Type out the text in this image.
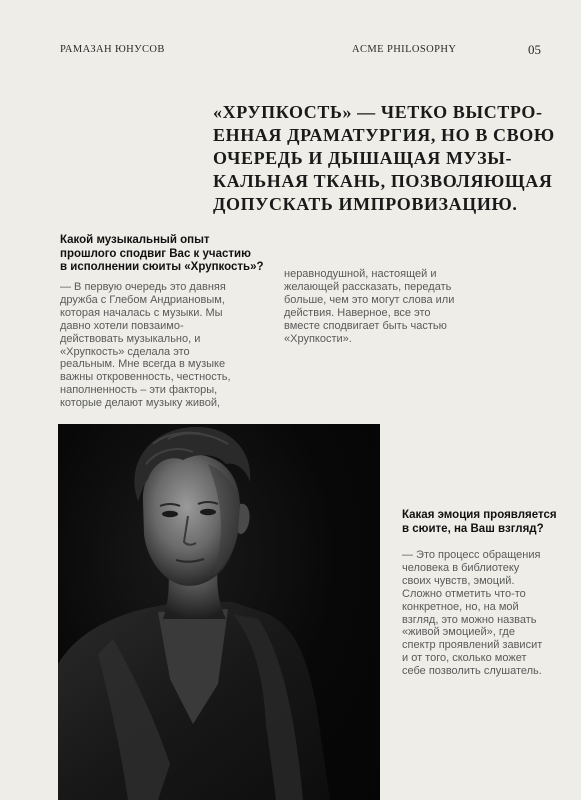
РАМАЗАН ЮНУСОВ	ACME PHILOSOPHY	05
«ХРУПКОСТЬ» — ЧЕТКО ВЫСТРО-
ЕННАЯ ДРАМАТУРГИЯ, НО В СВОЮ
ОЧЕРЕДЬ И ДЫШАЩАЯ МУЗЫ-
КАЛЬНАЯ ТКАНЬ, ПОЗВОЛЯЮЩАЯ
ДОПУСКАТЬ ИМПРОВИЗАЦИЮ.
Какой музыкальный опыт
прошлого сподвиг Вас к участию
в исполнении сюиты «Хрупкость»?

— В первую очередь это давняя
дружба с Глебом Андриановым,
которая началась с музыки. Мы
давно хотели повзаимо-
действовать музыкально, и
«Хрупкость» сделала это
реальным. Мне всегда в музыке
важны откровенность, честность,
наполненность – эти факторы,
которые делают музыку живой,

неравнодушной, настоящей и
желающей рассказать, передать
больше, чем это могут слова или
действия. Наверное, все это
вместе сподвигает быть частью
«Хрупкости».

Какая эмоция проявляется
в сюите, на Ваш взгляд?

— Это процесс обращения
человека в библиотеку
своих чувств, эмоций.
Сложно отметить что-то
конкретное, но, на мой
взгляд, это можно назвать
«живой эмоцией», где
спектр проявлений зависит
и от того, сколько может
себе позволить слушатель.
